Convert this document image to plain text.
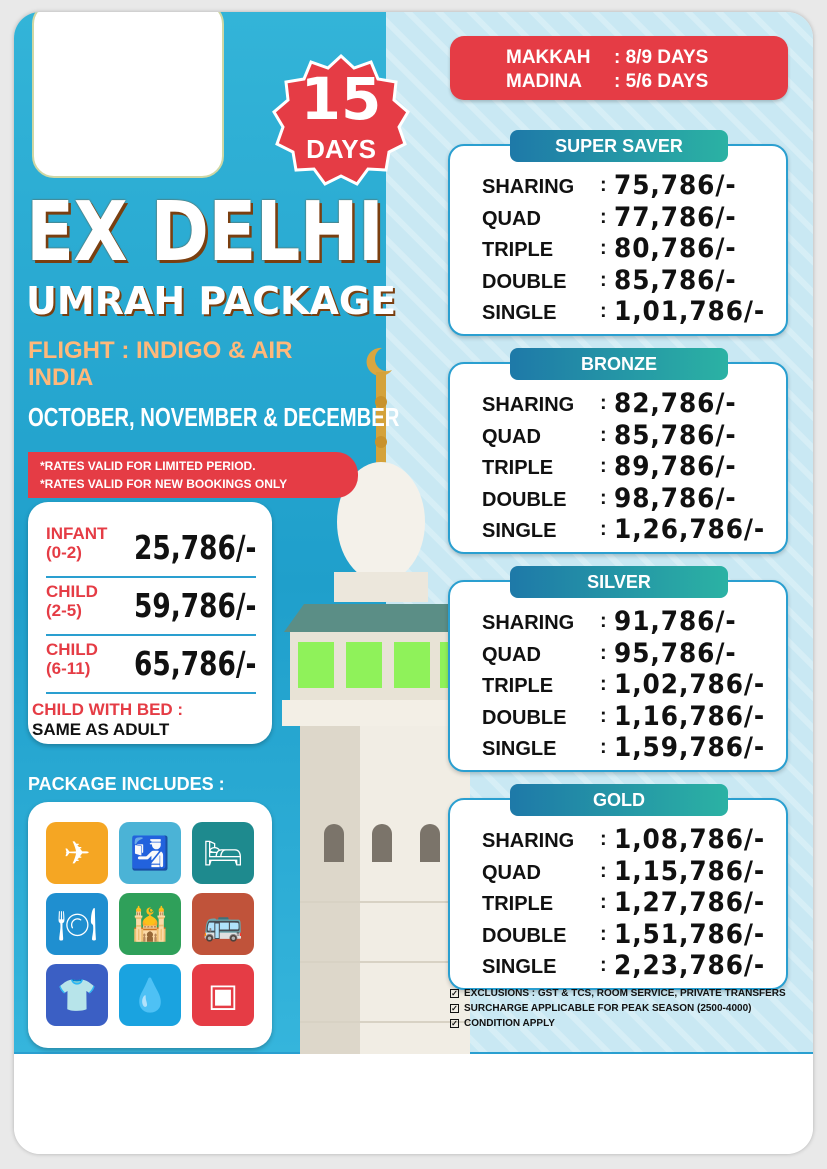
15
DAYS
EX DELHI
UMRAH PACKAGE
FLIGHT : INDIGO & AIR INDIA
OCTOBER, NOVEMBER & DECEMBER
*RATES VALID FOR LIMITED PERIOD.
*RATES VALID FOR NEW BOOKINGS ONLY
INFANT
(0-2)	25,786/-
CHILD
(2-5)	59,786/-
CHILD
(6-11)	65,786/-
CHILD WITH BED :
SAME AS ADULT
PACKAGE INCLUDES :
✈	🛂	🛏
🍽	🕌	🚌
👕	💧	▣
MAKKAH	: 8/9 DAYS
MADINA	: 5/6 DAYS
SUPER SAVER
SHARING : 75,786/-
QUAD	: 77,786/-
TRIPLE : 80,786/-
DOUBLE : 85,786/-
SINGLE : 1,01,786/-
BRONZE
SHARING : 82,786/-
QUAD	: 85,786/-
TRIPLE : 89,786/-
DOUBLE : 98,786/-
SINGLE : 1,26,786/-
SILVER
SHARING : 91,786/-
QUAD	: 95,786/-
TRIPLE : 1,02,786/-
DOUBLE : 1,16,786/-
SINGLE : 1,59,786/-
GOLD
SHARING : 1,08,786/-
QUAD	: 1,15,786/-
TRIPLE : 1,27,786/-
DOUBLE : 1,51,786/-
SINGLE : 2,23,786/-
✓ EXCLUSIONS : GST & TCS, ROOM SERVICE, PRIVATE TRANSFERS
✓ SURCHARGE APPLICABLE FOR PEAK SEASON (2500-4000)
✓ CONDITION APPLY
